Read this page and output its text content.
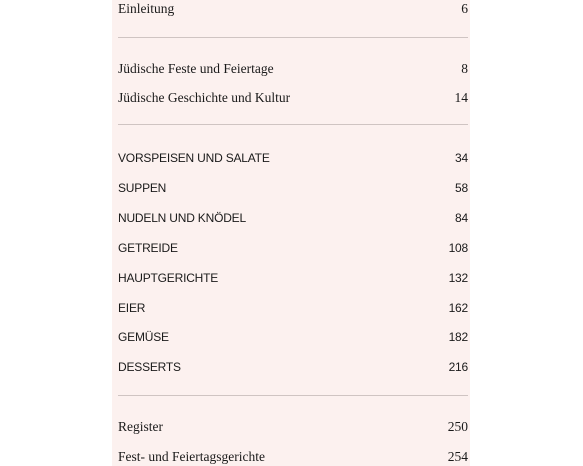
Einleitung	6
Jüdische Feste und Feiertage	8
Jüdische Geschichte und Kultur	14
VORSPEISEN UND SALATE	34
SUPPEN	58
NUDELN UND KNÖDEL	84
GETREIDE	108
HAUPTGERICHTE	132
EIER	162
GEMÜSE	182
DESSERTS	216
Register	250
Fest- und Feiertagsgerichte	254
